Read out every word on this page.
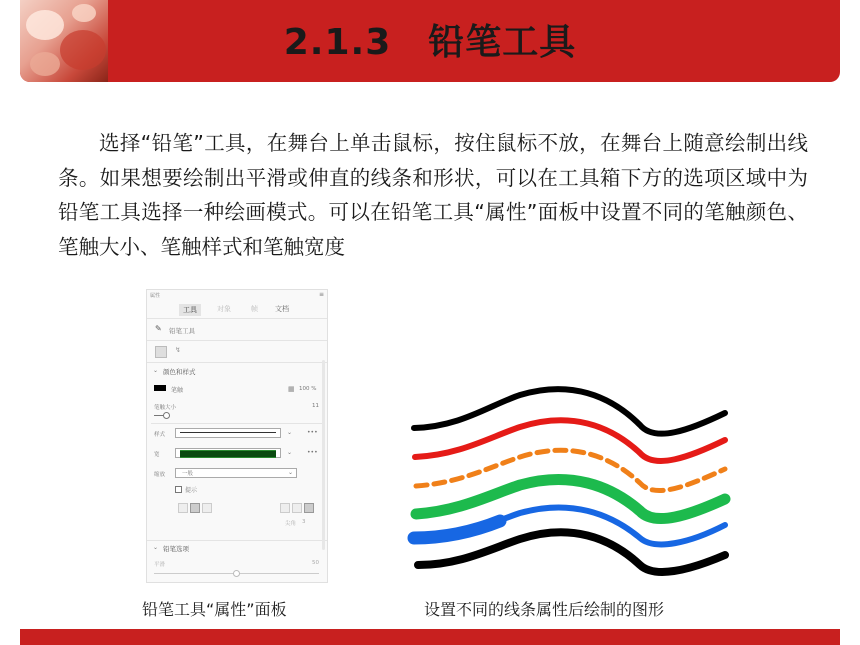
2.1.3　铅笔工具

选择“铅笔”工具，在舞台上单击鼠标，按住鼠标不放，在舞台上随意绘制出线条。如果想要绘制出平滑或伸直的线条和形状，可以在工具箱下方的选项区域中为铅笔工具选择一种绘画模式。可以在铅笔工具“属性”面板中设置不同的笔触颜色、笔触大小、笔触样式和笔触宽度

属性	≡
工具	对象	帧 文档
✎ 铅笔工具
↯
⌄ 颜色和样式
笔触	▦ 100 %
笔触大小	11
样式	⌄ •••
宽	⌄ •••
缩放	一般	⌄
提示
尖角 3
⌄ 铅笔选项
平滑	50
铅笔工具“属性”面板	设置不同的线条属性后绘制的图形
